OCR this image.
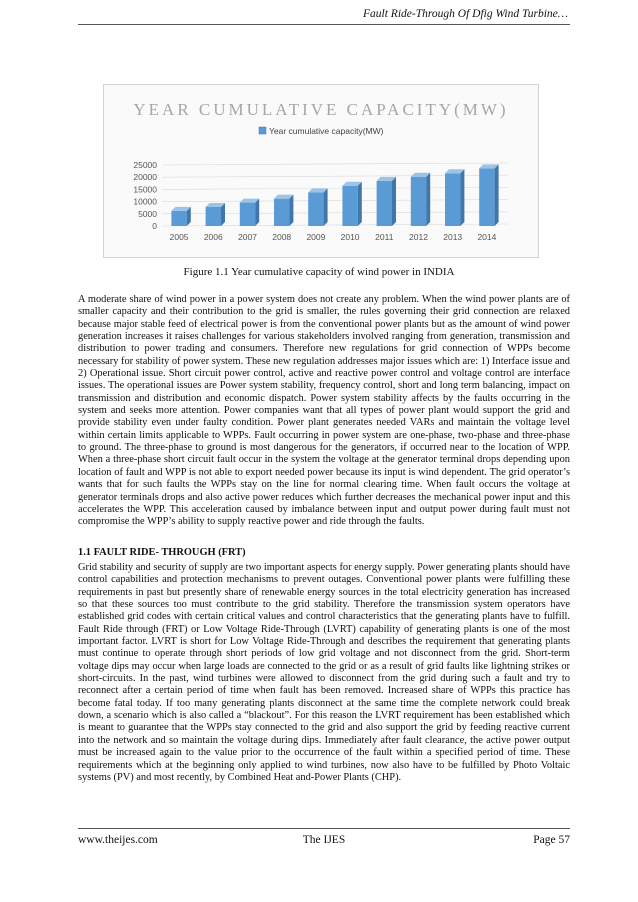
Fault Ride-Through Of Dfig Wind Turbine…
YEAR CUMULATIVE CAPACITY(MW)
Year cumulative capacity(MW)
0
5000
10000
15000
20000
25000
2005 2006 2007 2008 2009 2010 2011 2012 2013 2014
Figure 1.1 Year cumulative capacity of wind power in INDIA

A moderate share of wind power in a power system does not create any problem. When the wind power plants are of smaller capacity and their contribution to the grid is smaller, the rules governing their grid connection are relaxed because major stable feed of electrical power is from the conventional power plants but as the amount of wind power generation increases it raises challenges for various stakeholders involved ranging from generation, transmission and distribution to power trading and consumers. Therefore new regulations for grid connection of WPPs become necessary for stability of power system. These new regulation addresses major issues which are: 1) Interface issue and 2) Operational issue. Short circuit power control, active and reactive power control and voltage control are interface issues. The operational issues are Power system stability, frequency control, short and long term balancing, impact on transmission and distribution and economic dispatch. Power system stability affects by the faults occurring in the system and seeks more attention. Power companies want that all types of power plant would support the grid and provide stability even under faulty condition. Power plant generates needed VARs and maintain the voltage level within certain limits applicable to WPPs. Fault occurring in power system are one-phase, two-phase and three-phase to ground. The three-phase to ground is most dangerous for the generators, if occurred near to the location of WPP. When a three-phase short circuit fault occur in the system the voltage at the generator terminal drops depending upon location of fault and WPP is not able to export needed power because its input is wind dependent. The grid operator’s wants that for such faults the WPPs stay on the line for normal clearing time. When fault occurs the voltage at generator terminals drops and also active power reduces which further decreases the mechanical power input and this accelerates the WPP. This acceleration caused by imbalance between input and output power during fault must not compromise the WPP’s ability to supply reactive power and ride through the faults.

1.1 FAULT RIDE- THROUGH (FRT)

Grid stability and security of supply are two important aspects for energy supply. Power generating plants should have control capabilities and protection mechanisms to prevent outages. Conventional power plants were fulfilling these requirements in past but presently share of renewable energy sources in the total electricity generation has increased so that these sources too must contribute to the grid stability. Therefore the transmission system operators have established grid codes with certain critical values and control characteristics that the generating plants have to fulfill. Fault Ride through (FRT) or Low Voltage Ride-Through (LVRT) capability of generating plants is one of the most important factor. LVRT is short for Low Voltage Ride-Through and describes the requirement that generating plants must continue to operate through short periods of low grid voltage and not disconnect from the grid. Short-term voltage dips may occur when large loads are connected to the grid or as a result of grid faults like lightning strikes or short-circuits. In the past, wind turbines were allowed to disconnect from the grid during such a fault and try to reconnect after a certain period of time when fault has been removed. Increased share of WPPs this practice has become fatal today. If too many generating plants disconnect at the same time the complete network could break down, a scenario which is also called a “blackout”. For this reason the LVRT requirement has been established which is meant to guarantee that the WPPs stay connected to the grid and also support the grid by feeding reactive current into the network and so maintain the voltage during dips. Immediately after fault clearance, the active power output must be increased again to the value prior to the occurrence of the fault within a specified period of time. These requirements which at the beginning only applied to wind turbines, now also have to be fulfilled by Photo Voltaic systems (PV) and most recently, by Combined Heat and-Power Plants (CHP).

www.theijes.com	The IJES	Page 57
